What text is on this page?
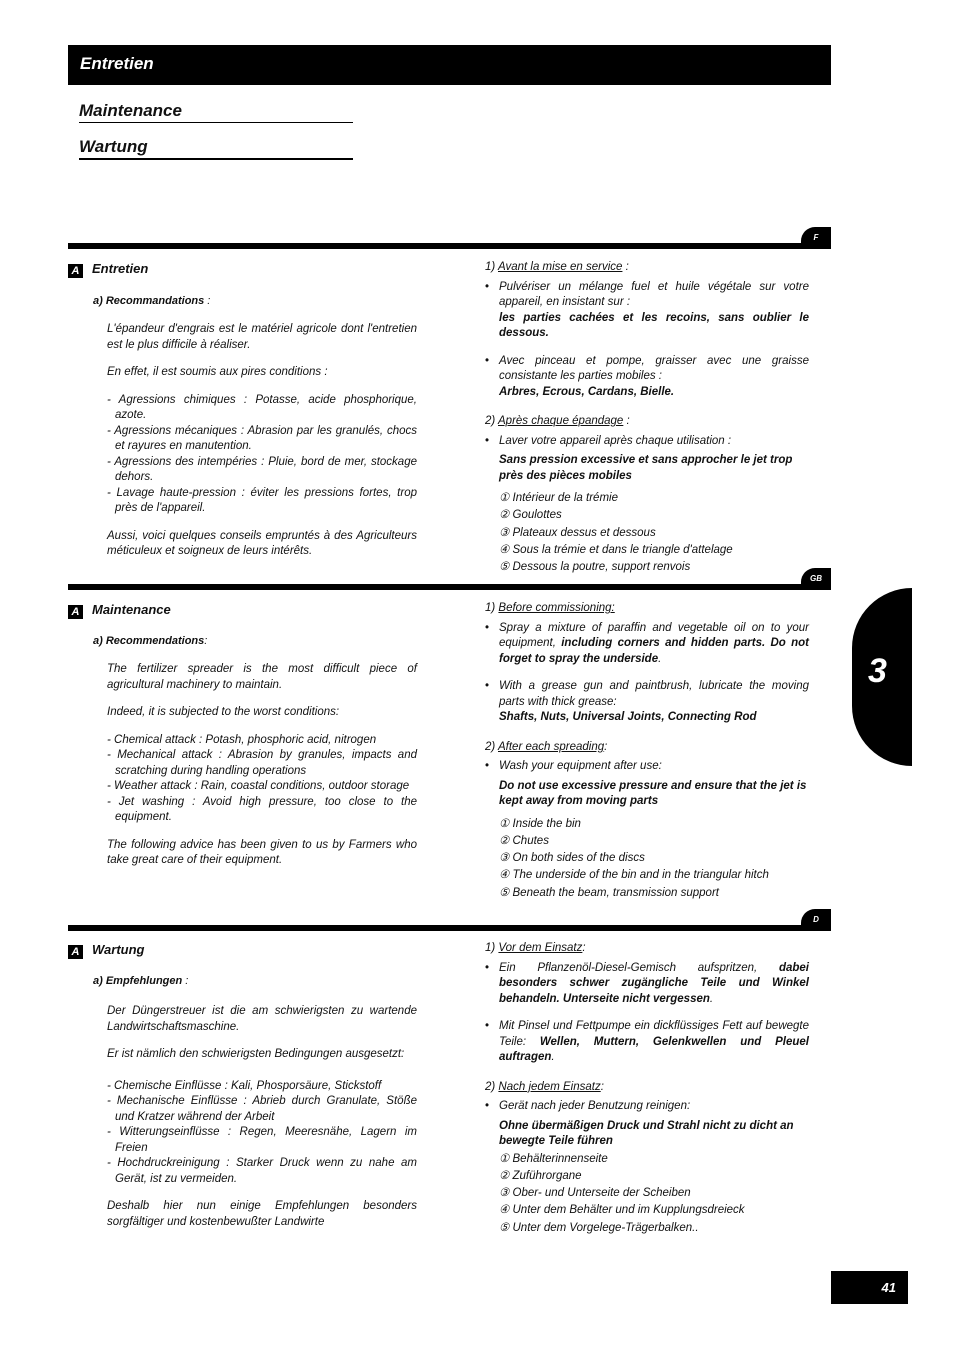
Entretien
Maintenance
Wartung
3
F
A Entretien
a) Recommandations :
L'épandeur d'engrais est le matériel agricole dont l'entretien est le plus difficile à réaliser.
En effet, il est soumis aux pires conditions :
- Agressions chimiques : Potasse, acide phosphorique, azote.
- Agressions mécaniques : Abrasion par les granulés, chocs et rayures en manutention.
- Agressions des intempéries : Pluie, bord de mer, stockage dehors.
- Lavage haute-pression : éviter les pressions fortes, trop près de l'appareil.
Aussi, voici quelques conseils empruntés à des Agriculteurs méticuleux et soigneux de leurs intérêts.
1) Avant la mise en service :
• Pulvériser un mélange fuel et huile végétale sur votre appareil, en insistant sur :
les parties cachées et les recoins, sans oublier le dessous.
• Avec pinceau et pompe, graisser avec une graisse consistante les parties mobiles :
Arbres, Ecrous, Cardans, Bielle.
2) Après chaque épandage :
• Laver votre appareil après chaque utilisation :
Sans pression excessive et sans approcher le jet trop près des pièces mobiles
① Intérieur de la trémie
② Goulottes
③ Plateaux dessus et dessous
④ Sous la trémie et dans le triangle d'attelage
⑤ Dessous la poutre, support renvois
GB
A Maintenance
a) Recommendations:
The fertilizer spreader is the most difficult piece of agricultural machinery to maintain.
Indeed, it is subjected to the worst conditions:
- Chemical attack : Potash, phosphoric acid, nitrogen
- Mechanical attack : Abrasion by granules, impacts and scratching during handling operations
- Weather attack : Rain, coastal conditions, outdoor storage
- Jet washing : Avoid high pressure, too close to the equipment.
The following advice has been given to us by Farmers who take great care of their equipment.
1) Before commissioning:
• Spray a mixture of paraffin and vegetable oil on to your equipment, including corners and hidden parts. Do not forget to spray the underside.
• With a grease gun and paintbrush, lubricate the moving parts with thick grease:
Shafts, Nuts, Universal Joints, Connecting Rod
2) After each spreading:
• Wash your equipment after use:
Do not use excessive pressure and ensure that the jet is kept away from moving parts
① Inside the bin
② Chutes
③ On both sides of the discs
④ The underside of the bin and in the triangular hitch
⑤ Beneath the beam, transmission support
D
A Wartung
a) Empfehlungen :
Der Düngerstreuer ist die am schwierigsten zu wartende Landwirtschaftsmaschine.
Er ist nämlich den schwierigsten Bedingungen ausgesetzt:
- Chemische Einflüsse : Kali, Phosporsäure, Stickstoff
- Mechanische Einflüsse : Abrieb durch Granulate, Stöße und Kratzer während der Arbeit
- Witterungseinflüsse : Regen, Meeresnähe, Lagern im Freien
- Hochdruckreinigung : Starker Druck wenn zu nahe am Gerät, ist zu vermeiden.
Deshalb hier nun einige Empfehlungen besonders sorgfältiger und kostenbewußter Landwirte
1) Vor dem Einsatz:
• Ein Pflanzenöl-Diesel-Gemisch aufspritzen, dabei besonders schwer zugängliche Teile und Winkel behandeln. Unterseite nicht vergessen.
• Mit Pinsel und Fettpumpe ein dickflüssiges Fett auf bewegte Teile: Wellen, Muttern, Gelenkwellen und Pleuel auftragen.
2) Nach jedem Einsatz:
• Gerät nach jeder Benutzung reinigen:
Ohne übermäßigen Druck und Strahl nicht zu dicht an bewegte Teile führen
① Behälterinnenseite
② Zuführorgane
③ Ober- und Unterseite der Scheiben
④ Unter dem Behälter und im Kupplungsdreieck
⑤ Unter dem Vorgelege-Trägerbalken..
41
